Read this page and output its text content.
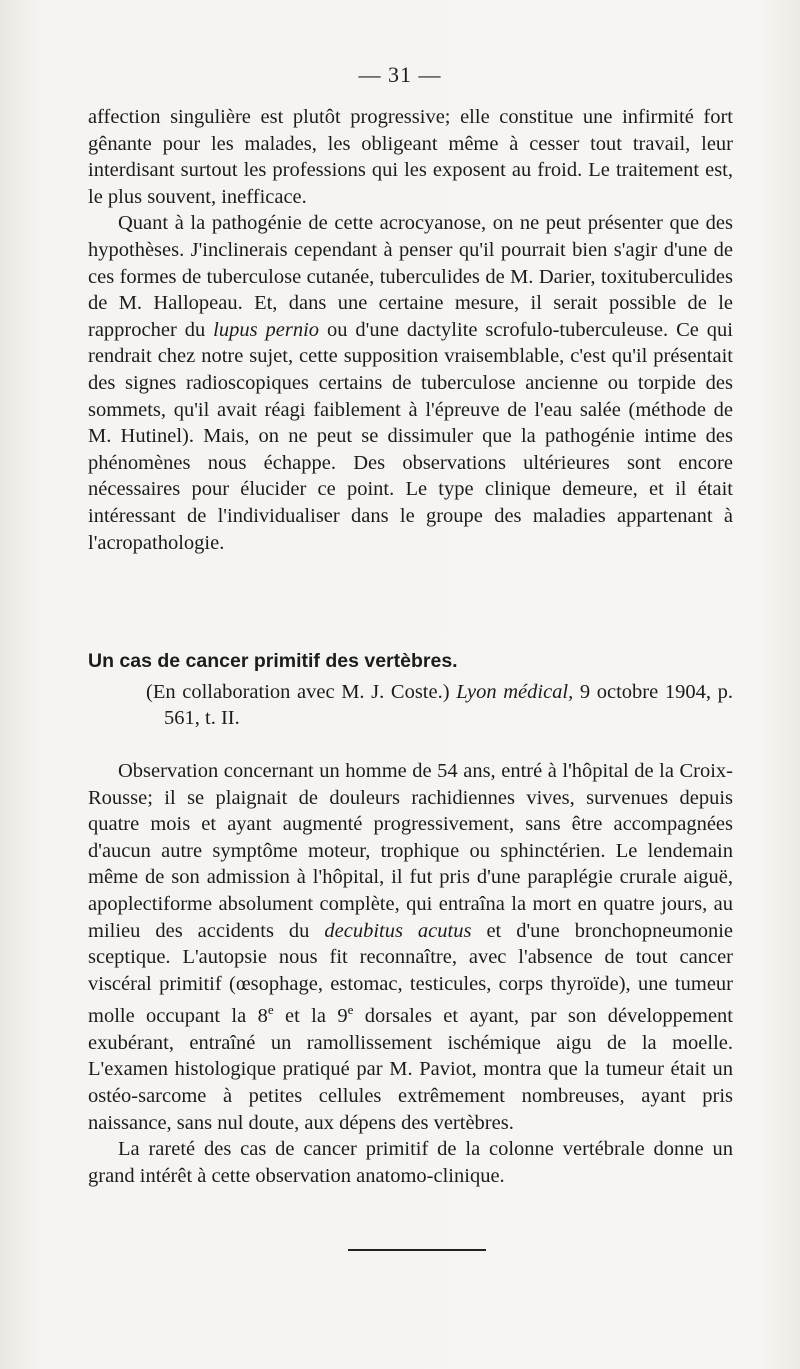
— 31 —

affection singulière est plutôt progressive; elle constitue une infirmité fort gênante pour les malades, les obligeant même à cesser tout travail, leur interdisant surtout les professions qui les exposent au froid. Le traitement est, le plus souvent, inefficace.

Quant à la pathogénie de cette acrocyanose, on ne peut présenter que des hypothèses. J'inclinerais cependant à penser qu'il pourrait bien s'agir d'une de ces formes de tuberculose cutanée, tuberculides de M. Darier, toxituberculides de M. Hallopeau. Et, dans une certaine mesure, il serait possible de le rapprocher du lupus pernio ou d'une dactylite scrofulo-tuberculeuse. Ce qui rendrait chez notre sujet, cette supposition vraisemblable, c'est qu'il présentait des signes radioscopiques certains de tuberculose ancienne ou torpide des sommets, qu'il avait réagi faiblement à l'épreuve de l'eau salée (méthode de M. Hutinel). Mais, on ne peut se dissimuler que la pathogénie intime des phénomènes nous échappe. Des observations ultérieures sont encore nécessaires pour élucider ce point. Le type clinique demeure, et il était intéressant de l'individualiser dans le groupe des maladies appartenant à l'acropathologie.

Un cas de cancer primitif des vertèbres.

(En collaboration avec M. J. Coste.) Lyon médical, 9 octobre 1904, p. 561, t. II.

Observation concernant un homme de 54 ans, entré à l'hôpital de la Croix-Rousse; il se plaignait de douleurs rachidiennes vives, survenues depuis quatre mois et ayant augmenté progressivement, sans être accompagnées d'aucun autre symptôme moteur, trophique ou sphinctérien. Le lendemain même de son admission à l'hôpital, il fut pris d'une paraplégie crurale aiguë, apoplectiforme absolument complète, qui entraîna la mort en quatre jours, au milieu des accidents du decubitus acutus et d'une bronchopneumonie sceptique. L'autopsie nous fit reconnaître, avec l'absence de tout cancer viscéral primitif (œsophage, estomac, testicules, corps thyroïde), une tumeur molle occupant la 8e et la 9e dorsales et ayant, par son développement exubérant, entraîné un ramollissement ischémique aigu de la moelle. L'examen histologique pratiqué par M. Paviot, montra que la tumeur était un ostéo-sarcome à petites cellules extrêmement nombreuses, ayant pris naissance, sans nul doute, aux dépens des vertèbres.

La rareté des cas de cancer primitif de la colonne vertébrale donne un grand intérêt à cette observation anatomo-clinique.
